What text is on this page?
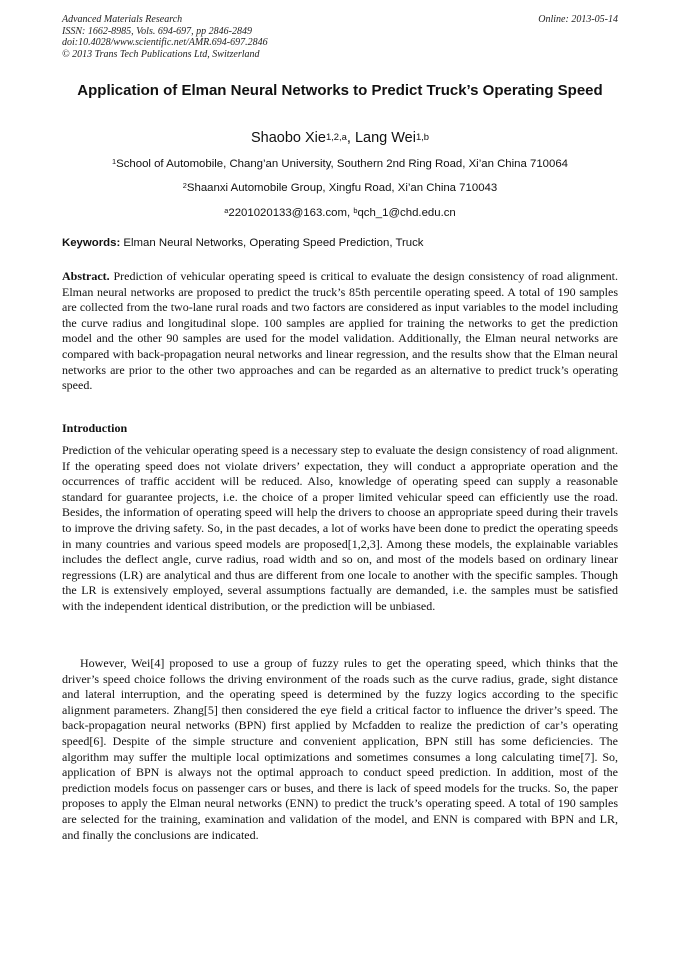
Advanced Materials Research
ISSN: 1662-8985, Vols. 694-697, pp 2846-2849
doi:10.4028/www.scientific.net/AMR.694-697.2846
© 2013 Trans Tech Publications Ltd, Switzerland
Online: 2013-05-14
Application of Elman Neural Networks to Predict Truck’s Operating Speed
Shaobo Xie$^{1,2,a}$, Lang Wei$^{1,b}$
$^1$School of Automobile, Chang’an University, Southern 2nd Ring Road, Xi’an China 710064
$^2$Shaanxi Automobile Group, Xingfu Road, Xi’an China 710043
$^a$2201020133@163.com, $^b$qch_1@chd.edu.cn
Keywords: Elman Neural Networks, Operating Speed Prediction, Truck

Abstract. Prediction of vehicular operating speed is critical to evaluate the design consistency of road alignment. Elman neural networks are proposed to predict the truck’s 85th percentile operating speed. A total of 190 samples are collected from the two-lane rural roads and two factors are considered as input variables to the model including the curve radius and longitudinal slope. 100 samples are applied for training the networks to get the prediction model and the other 90 samples are used for the model validation. Additionally, the Elman neural networks are compared with back-propagation neural networks and linear regression, and the results show that the Elman neural networks are prior to the other two approaches and can be regarded as an alternative to predict truck’s operating speed.

Introduction

Prediction of the vehicular operating speed is a necessary step to evaluate the design consistency of road alignment. If the operating speed does not violate drivers’ expectation, they will conduct a appropriate operation and the occurrences of traffic accident will be reduced. Also, knowledge of operating speed can supply a reasonable standard for guarantee projects, i.e. the choice of a proper limited vehicular speed can efficiently use the road. Besides, the information of operating speed will help the drivers to choose an appropriate speed during their travels to improve the driving safety. So, in the past decades, a lot of works have been done to predict the operating speeds in many countries and various speed models are proposed[1,2,3]. Among these models, the explainable variables includes the deflect angle, curve radius, road width and so on, and most of the models based on ordinary linear regressions (LR) are analytical and thus are different from one locale to another with the specific samples. Though the LR is extensively employed, several assumptions factually are demanded, i.e. the samples must be satisfied with the independent identical distribution, or the prediction will be unbiased.

However, Wei[4] proposed to use a group of fuzzy rules to get the operating speed, which thinks that the driver’s speed choice follows the driving environment of the roads such as the curve radius, grade, sight distance and lateral interruption, and the operating speed is determined by the fuzzy logics according to the specific alignment parameters. Zhang[5] then considered the eye field a critical factor to influence the driver’s speed. The back-propagation neural networks (BPN) first applied by Mcfadden to realize the prediction of car’s operating speed[6]. Despite of the simple structure and convenient application, BPN still has some deficiencies. The algorithm may suffer the multiple local optimizations and sometimes consumes a long calculating time[7]. So, application of BPN is always not the optimal approach to conduct speed prediction. In addition, most of the prediction models focus on passenger cars or buses, and there is lack of speed models for the trucks. So, the paper proposes to apply the Elman neural networks (ENN) to predict the truck’s operating speed. A total of 190 samples are selected for the training, examination and validation of the model, and ENN is compared with BPN and LR, and finally the conclusions are indicated.
